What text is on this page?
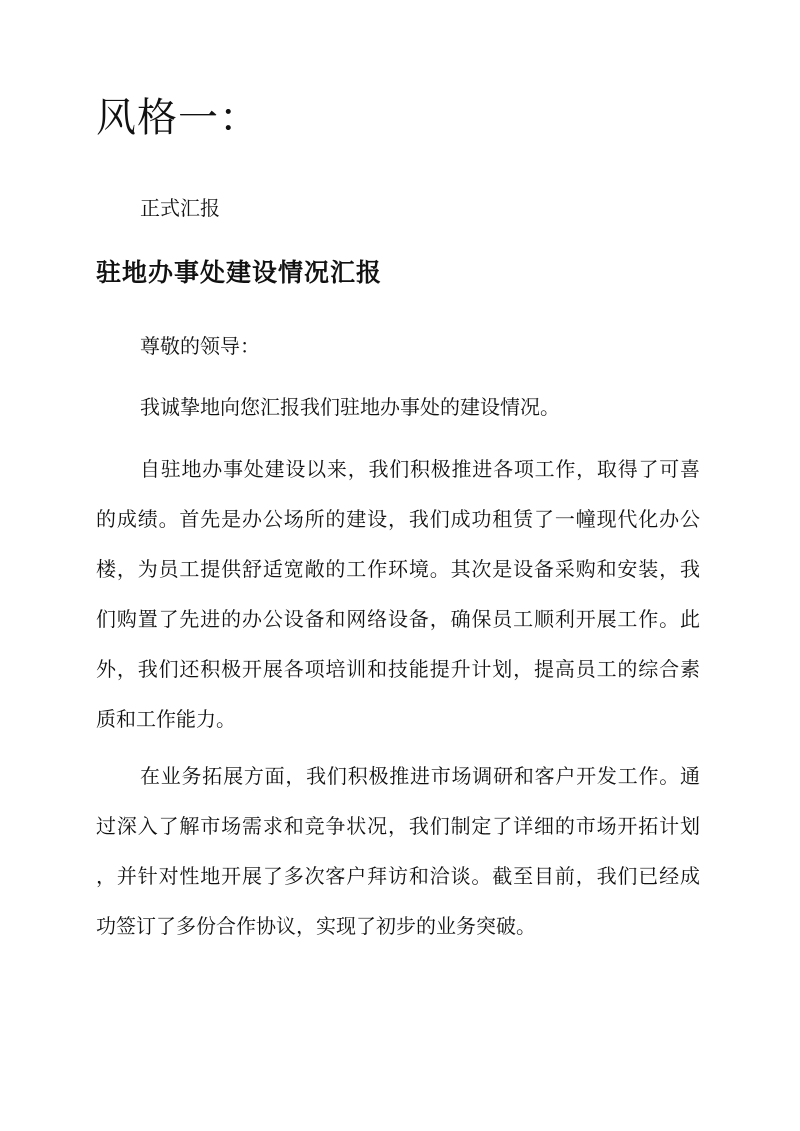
风格一：
正式汇报
驻地办事处建设情况汇报
尊敬的领导：
我诚挚地向您汇报我们驻地办事处的建设情况。
自驻地办事处建设以来，我们积极推进各项工作，取得了可喜
的成绩。首先是办公场所的建设，我们成功租赁了一幢现代化办公
楼，为员工提供舒适宽敞的工作环境。其次是设备采购和安装，我
们购置了先进的办公设备和网络设备，确保员工顺利开展工作。此
外，我们还积极开展各项培训和技能提升计划，提高员工的综合素
质和工作能力。
在业务拓展方面，我们积极推进市场调研和客户开发工作。通
过深入了解市场需求和竞争状况，我们制定了详细的市场开拓计划
，并针对性地开展了多次客户拜访和洽谈。截至目前，我们已经成
功签订了多份合作协议，实现了初步的业务突破。
